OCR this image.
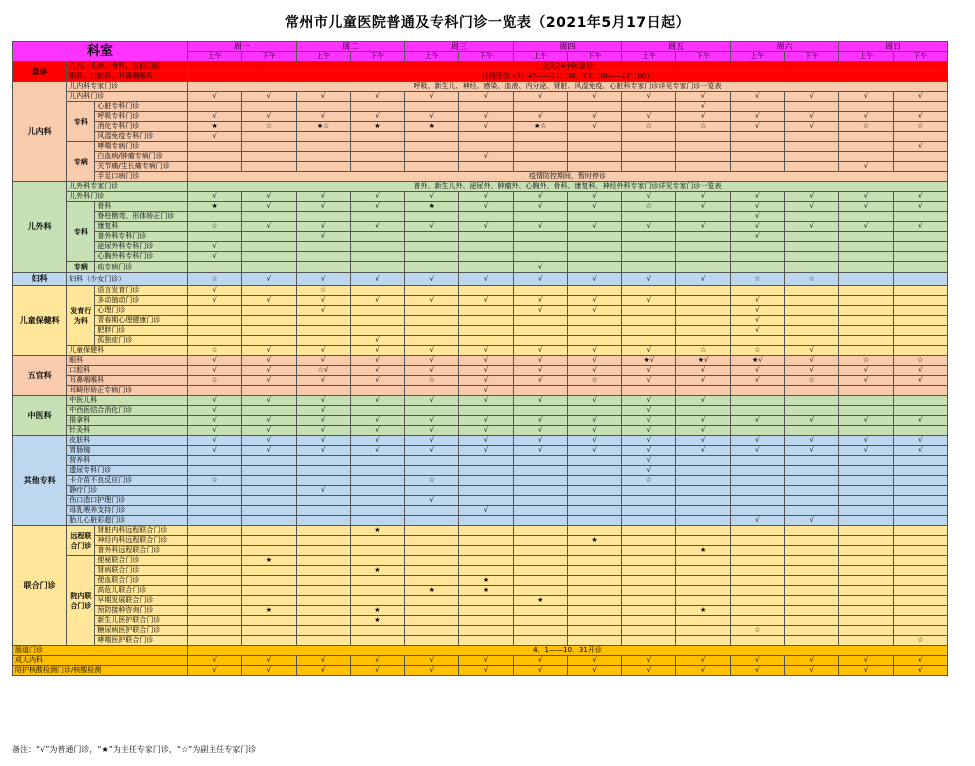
常州市儿童医院普通及专科门诊一览表（2021年5月17日起）
科室			周一		周二		周三		周四		周五		周六		周日	
			上午	下午	上午	下午	上午	下午	上午	下午	上午	下午	上午	下午	上午	下午
急诊	儿内、儿外、骨科、皮肤门诊		全天24小时急诊													
	眼科、口腔科、耳鼻咽喉科		日间开放（7：45——11：30，13：30——17：00）													
儿内科	儿内科专家门诊		呼吸、新生儿、神经、感染、血液、内分泌、肾脏、风湿免疫、心脏科专家门诊详见专家门诊一览表													
	儿内科门诊		√	√	√	√	√	√	√	√	√	√	√	√	√	√
	专科	心脏专科门诊										√				
		呼吸专科门诊	√	√	√	√	√	√	√	√	√	√	√	√	√	√
		消化专科门诊	★	☆	★☆	★	★	√	★☆	√	☆	☆	√	√	☆	☆
		风湿免疫专科门诊	√													
	专病	哮喘专病门诊														√
		白血病/肿瘤专病门诊						√								
		关节痛/生长痛专病门诊													√	
		手足口病门诊	疫情防控期间，暂时停诊													
儿外科	儿外科专家门诊		普外、新生儿外、泌尿外、肿瘤外、心胸外、骨科、康复科、神经外科专家门诊详见专家门诊一览表													
	儿外科门诊		√	√	√	√	√	√	√	√	√	√	√	√	√	√
	专科	骨科	★	√	√	√	★	√	√	√	☆	√	√	√	√	√
		脊柱侧弯、形体矫正门诊											√			
		康复科	☆	√	√	√	√	√	√	√	√	√	√	√	√	√
		普外科专科门诊			√								√			
		泌尿外科专科门诊	√													
		心胸外科专科门诊	√													
	专病	疝专病门诊							√							
妇科	妇科（少女门诊）		☆	√	√	√	√	√	√	√	√	√	☆	☆		
儿童保健科	发育行为科	语言发育门诊	√		☆											
		多动抽动门诊	√	√	√	√	√	√	√	√	√		√			
		心理门诊			√				√	√			√			
		青春期心理健康门诊											√			
		肥胖门诊											√			
		孤独症门诊				√										
	儿童保健科		☆	√	√	√	√	√	√	√	√	☆	☆	√		
五官科	眼科		√	√	√	√	√	√	√	√	★√	★√	★√	√	☆	☆
	口腔科		√	√	☆√	√	√	√	√	√	√	√	√	√	√	√
	耳鼻咽喉科		☆	√	√	√	☆	√	√	☆	√	√	√	☆	√	√
	耳畸形矫正专病门诊							√								
中医科	中医儿科		√	√	√	√	√	√	√	√	√	√				
	中西医结合消化门诊		√		√						√					
	推拿科		√	√	√	√	√	√	√	√	√	√	√	√	√	√
	针灸科		√	√	√	√	√	√	√	√	√	√				
其他专科	皮肤科		√	√	√	√	√	√	√	√	√	√	√	√	√	√
	胃肠镜		√	√	√	√	√	√	√	√	√	√	√	√	√	√
	营养科										√					
	遗尿专科门诊										√					
	卡介苗不良反应门诊		☆				☆				☆					
	静疗门诊				√											
	伤口造口护理门诊						√									
	母乳喂养支持门诊							√								
	胎儿心脏彩超门诊												√	√		
联合门诊	远程联合门诊	肾脏内科远程联合门诊				★										
		神经内科远程联合门诊								★						
		普外科远程联合门诊										★				
	院内联合门诊	便秘联合门诊		★												
		肾病联合门诊				★										
		便血联合门诊						★								
		高危儿联合门诊					★	★								
		早期发展联合门诊							★							
		预防接种咨询门诊		★		★						★				
		新生儿医护联合门诊				★										
		糖尿病医护联合门诊											☆			
		哮喘医护联合门诊														☆
肠道门诊			4．1——10．31开诊													
成人内科			√	√	√	√	√	√	√	√	√	√	√	√	√	√
陪护核酸检测门诊/核酸检测			√	√	√	√	√	√	√	√	√	√	√	√	√	√
备注：“√”为普通门诊，“★”为主任专家门诊，“☆”为副主任专家门诊
